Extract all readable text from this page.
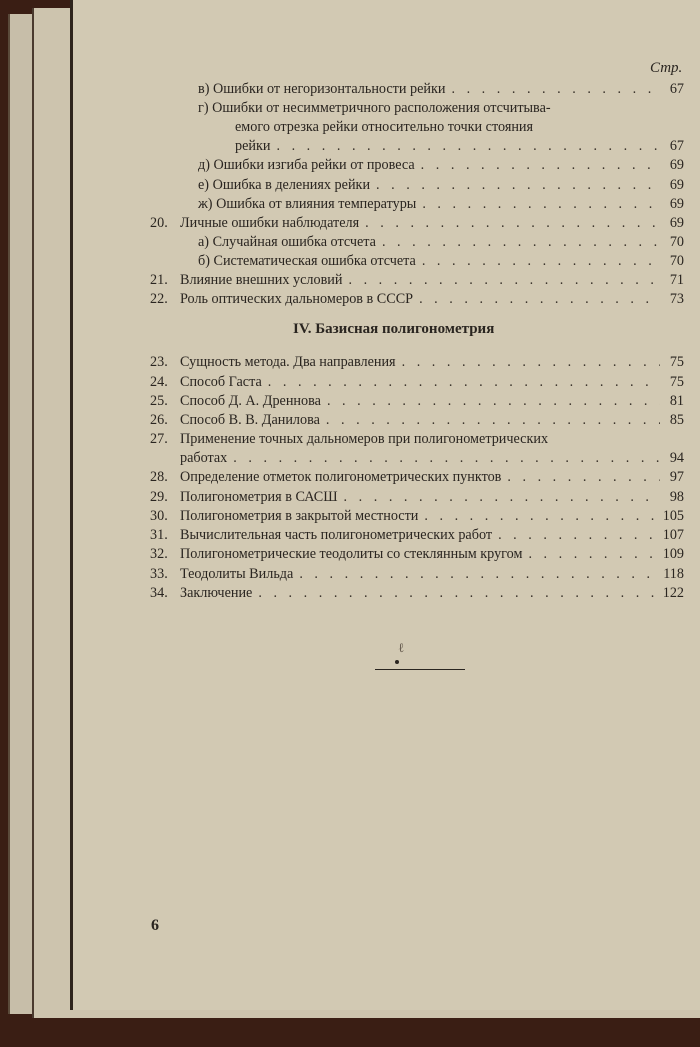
Стр.
в) Ошибки от негоризонтальности рейки . . .	67
г) Ошибки от несимметричного расположения отсчитыва-
емого отрезка рейки относительно точки стояния
рейки . . .	67
д) Ошибки изгиба рейки от провеса . . .	69
е) Ошибка в делениях рейки . . .	69
ж) Ошибка от влияния температуры . . .	69
20. Личные ошибки наблюдателя . . .	69
а) Случайная ошибка отсчета . . .	70
б) Систематическая ошибка отсчета . . .	70
21. Влияние внешних условий . . .	71
22. Роль оптических дальномеров в СССР . . .	73
IV. Базисная полигонометрия
23. Сущность метода. Два направления . . .	75
24. Способ Гаста . . .	75
25. Способ Д. А. Дреннова . . .	81
26. Способ В. В. Данилова . . .	85
27. Применение точных дальномеров при полигонометрических
работах . . .	94
28. Определение отметок полигонометрических пунктов . . .	97
29. Полигонометрия в САСШ . . .	98
30. Полигонометрия в закрытой местности . . .	105
31. Вычислительная часть полигонометрических работ . . .	107
32. Полигонометрические теодолиты со стеклянным кругом . . .	109
33. Теодолиты Вильда . . .	118
34. Заключение . . .	122
ℓ
6
